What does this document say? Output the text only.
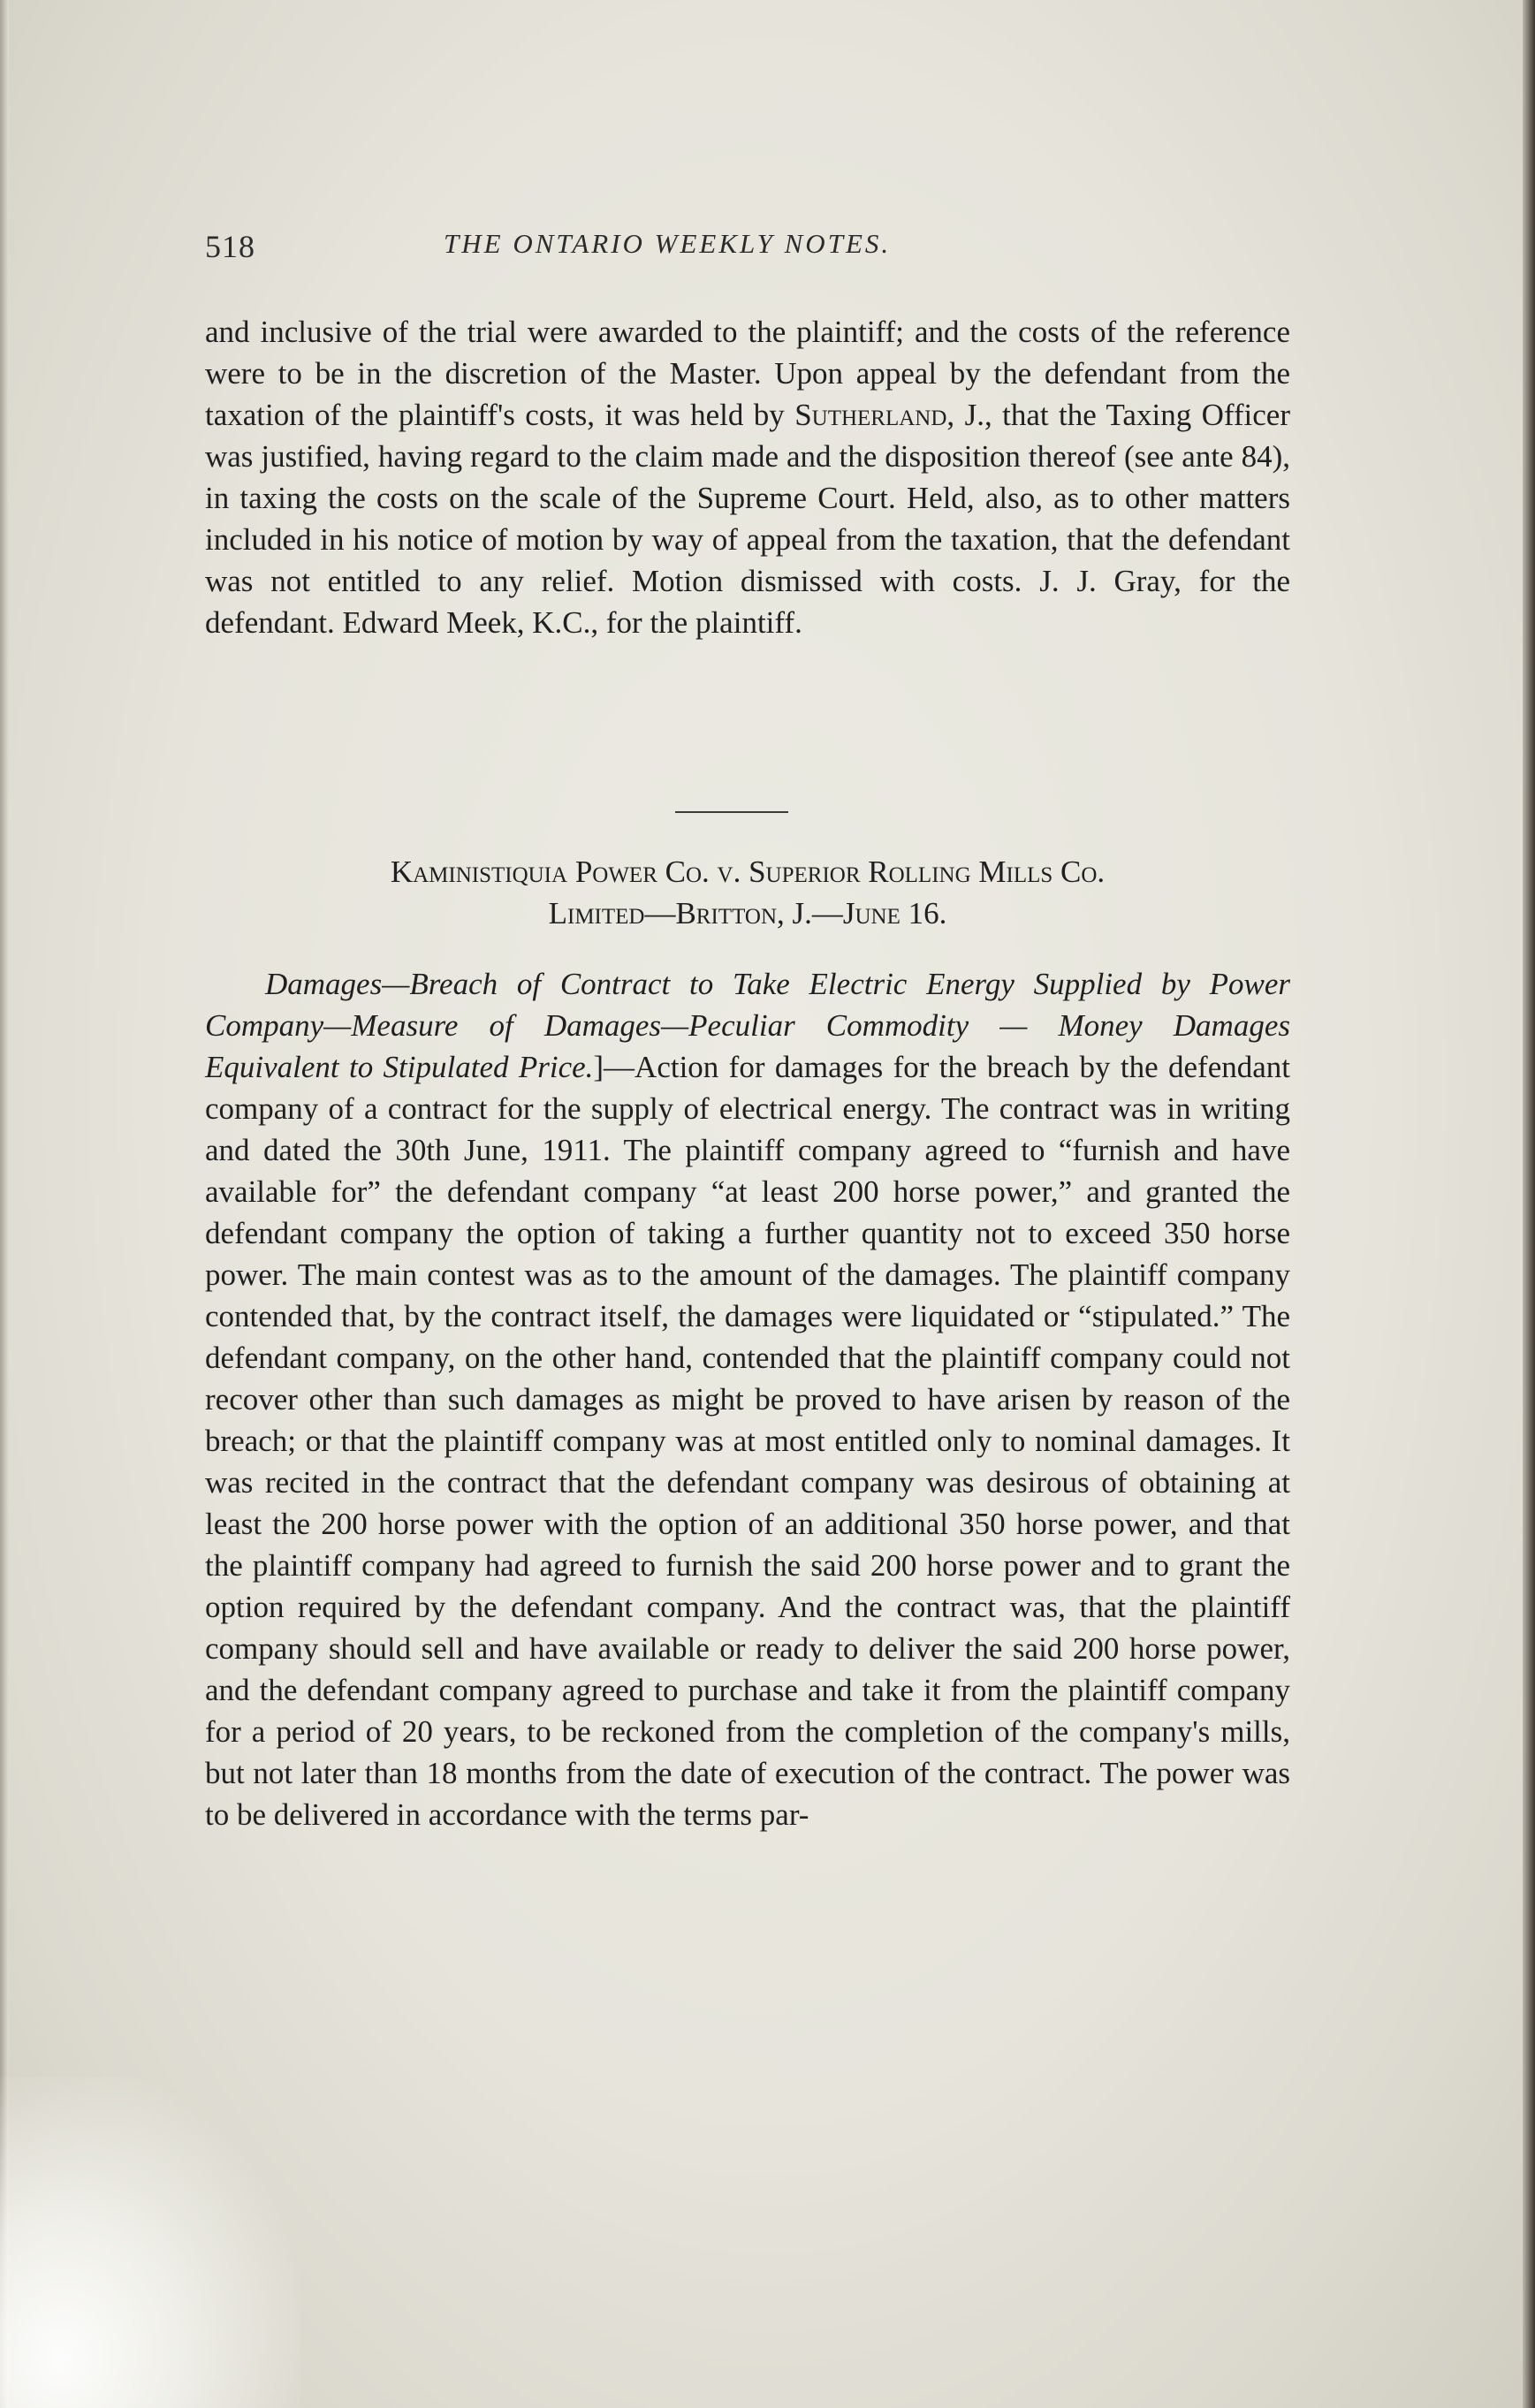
518	THE ONTARIO WEEKLY NOTES.
and inclusive of the trial were awarded to the plaintiff; and the costs of the reference were to be in the discretion of the Master. Upon appeal by the defendant from the taxation of the plaintiff's costs, it was held by Sutherland, J., that the Taxing Officer was justified, having regard to the claim made and the disposition thereof (see ante 84), in taxing the costs on the scale of the Supreme Court. Held, also, as to other matters included in his notice of motion by way of appeal from the taxation, that the defendant was not entitled to any relief. Motion dismissed with costs. J. J. Gray, for the defendant. Edward Meek, K.C., for the plaintiff.
Kaministiquia Power Co. v. Superior Rolling Mills Co.
Limited—Britton, J.—June 16.
Damages—Breach of Contract to Take Electric Energy Supplied by Power Company—Measure of Damages—Peculiar Commodity — Money Damages Equivalent to Stipulated Price.]—Action for damages for the breach by the defendant company of a contract for the supply of electrical energy. The contract was in writing and dated the 30th June, 1911. The plaintiff company agreed to “furnish and have available for” the defendant company “at least 200 horse power,” and granted the defendant company the option of taking a further quantity not to exceed 350 horse power. The main contest was as to the amount of the damages. The plaintiff company contended that, by the contract itself, the damages were liquidated or “stipulated.” The defendant company, on the other hand, contended that the plaintiff company could not recover other than such damages as might be proved to have arisen by reason of the breach; or that the plaintiff company was at most entitled only to nominal damages. It was recited in the contract that the defendant company was desirous of obtaining at least the 200 horse power with the option of an additional 350 horse power, and that the plaintiff company had agreed to furnish the said 200 horse power and to grant the option required by the defendant company. And the contract was, that the plaintiff company should sell and have available or ready to deliver the said 200 horse power, and the defendant company agreed to purchase and take it from the plaintiff company for a period of 20 years, to be reckoned from the completion of the company's mills, but not later than 18 months from the date of execution of the contract. The power was to be delivered in accordance with the terms par-
